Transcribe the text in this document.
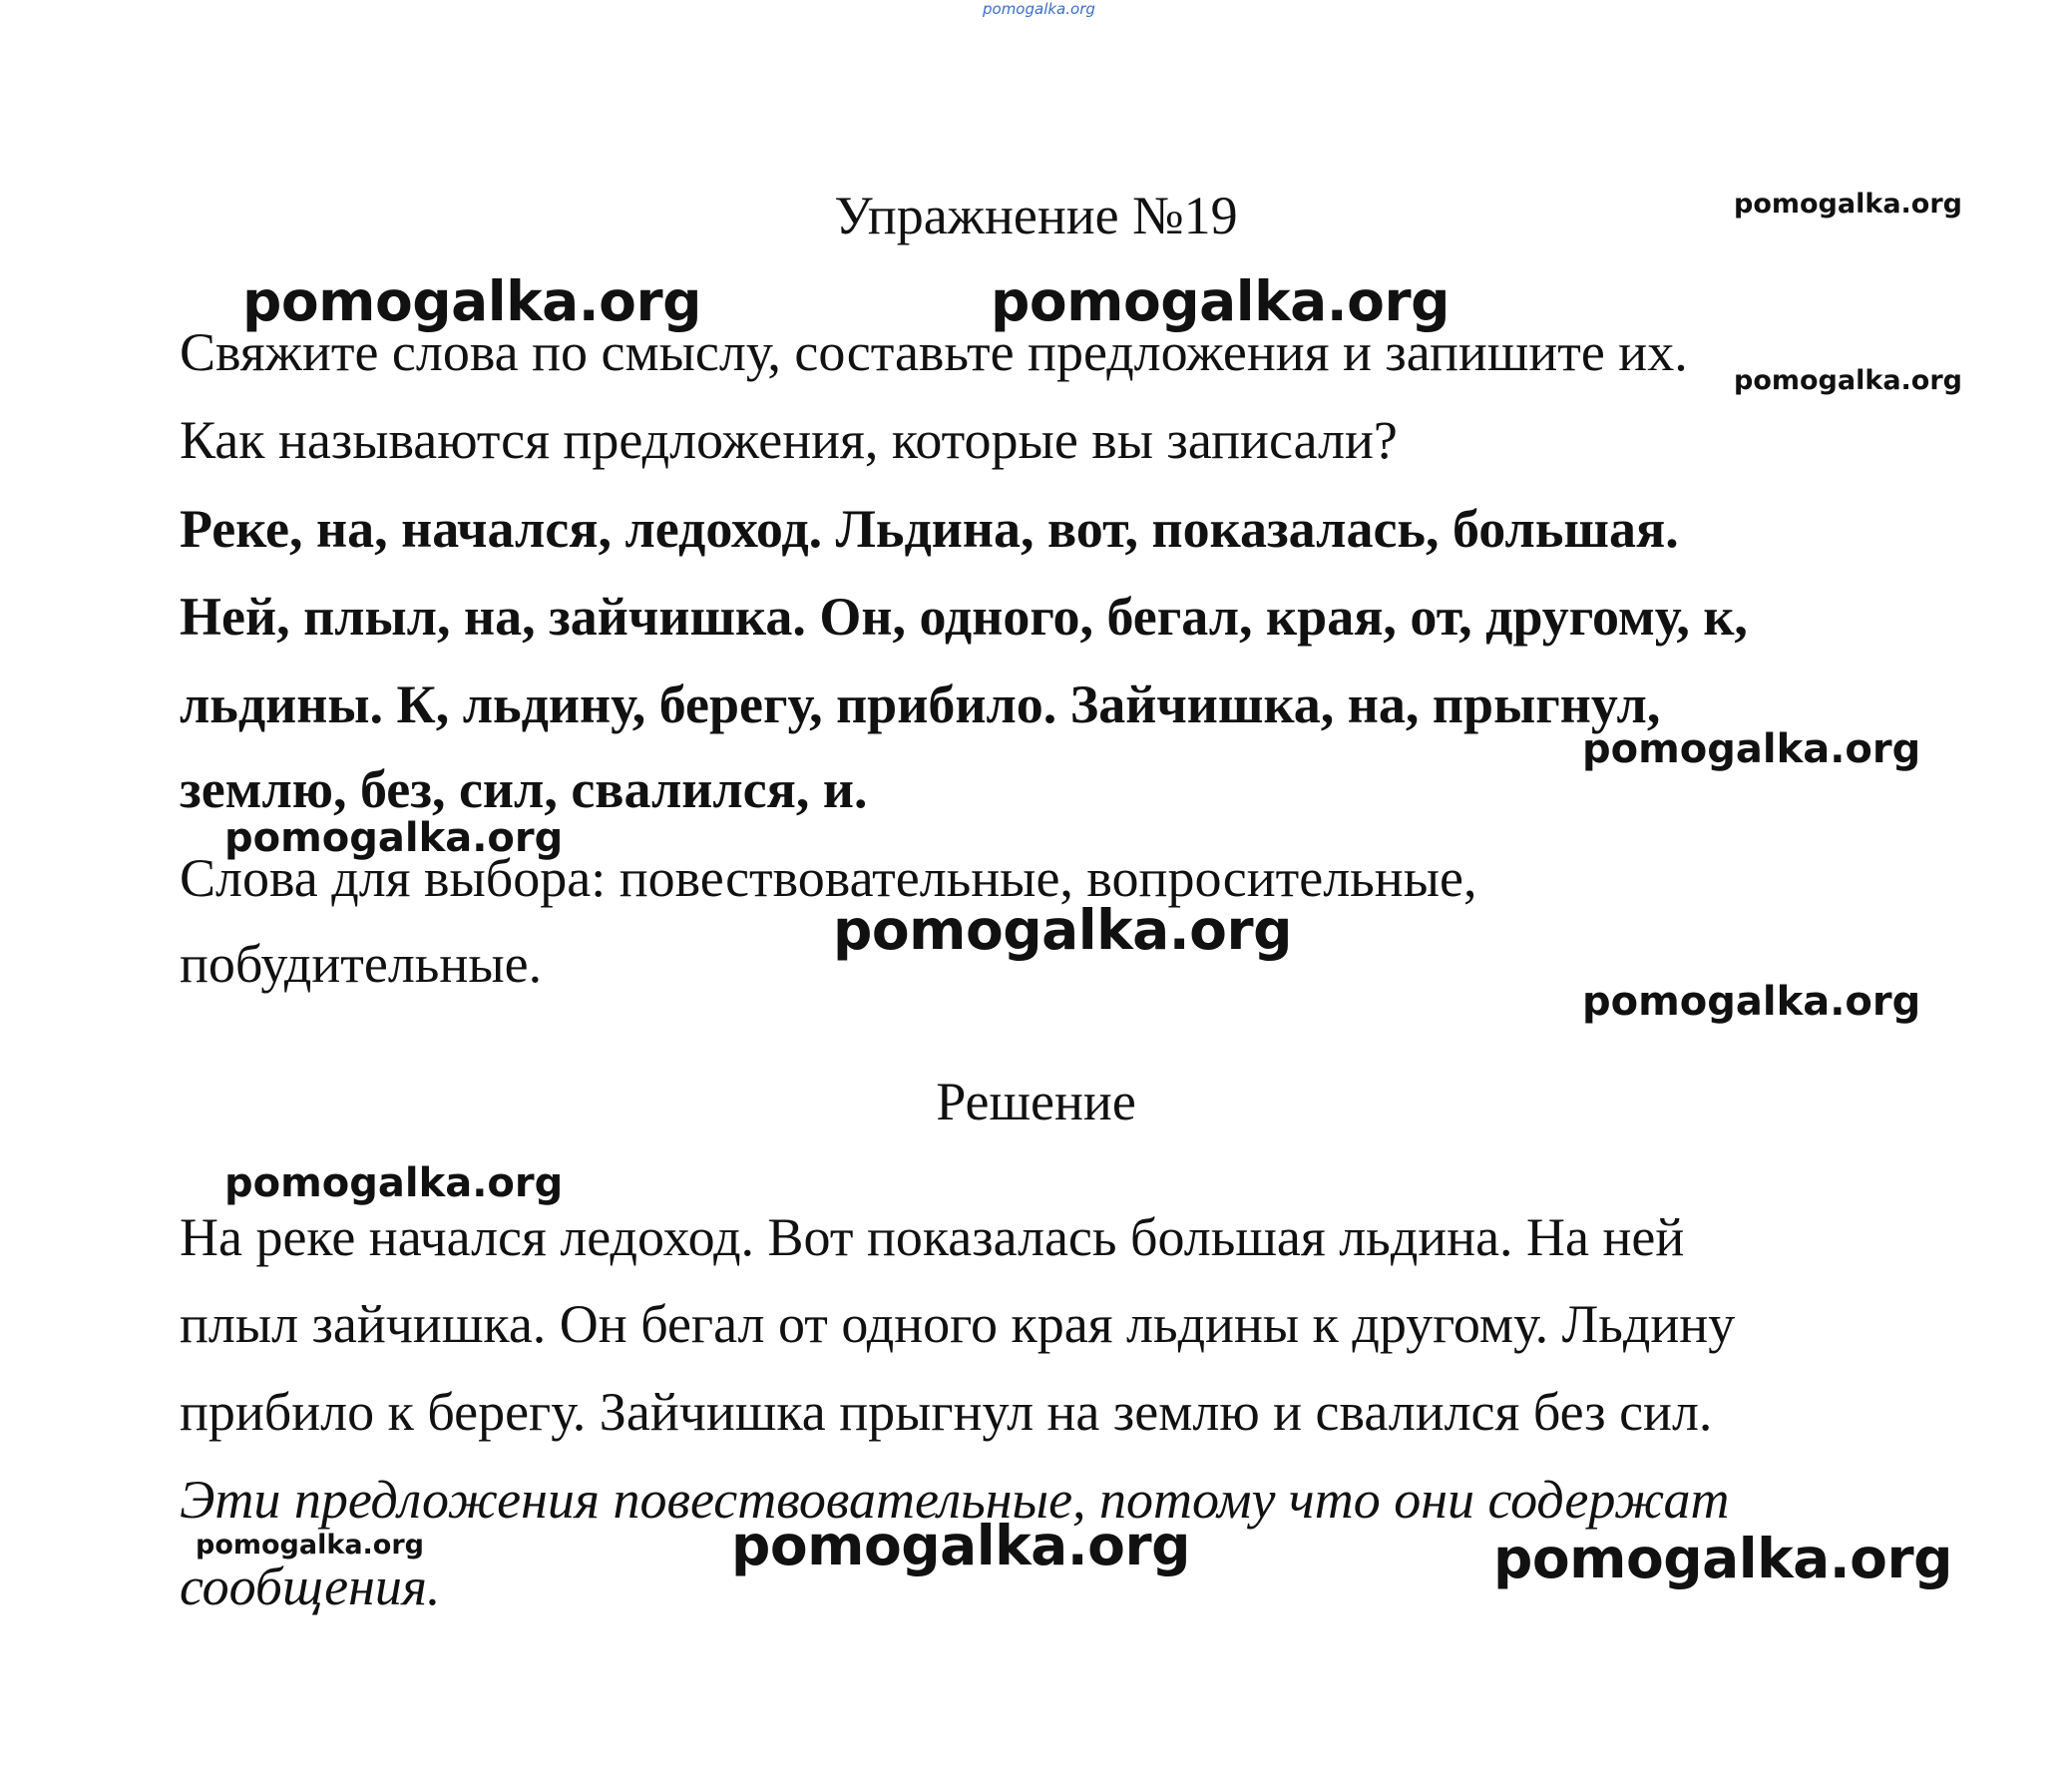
pomogalka.org
Упражнение №19
Свяжите слова по смыслу, составьте предложения и запишите их.
Как называются предложения, которые вы записали?
Реке, на, начался, ледоход. Льдина, вот, показалась, большая.
Ней, плыл, на, зайчишка. Он, одного, бегал, края, от, другому, к,
льдины. К, льдину, берегу, прибило. Зайчишка, на, прыгнул,
землю, без, сил, свалился, и.
Слова для выбора: повествовательные, вопросительные,
побудительные.
Решение
На реке начался ледоход. Вот показалась большая льдина. На ней
плыл зайчишка. Он бегал от одного края льдины к другому. Льдину
прибило к берегу. Зайчишка прыгнул на землю и свалился без сил.
Эти предложения повествовательные, потому что они содержат
сообщения.
pomogalka.org
pomogalka.org	pomogalka.org
pomogalka.org
pomogalka.org
pomogalka.org
pomogalka.org
pomogalka.org
pomogalka.org
pomogalka.org	pomogalka.org	pomogalka.org
